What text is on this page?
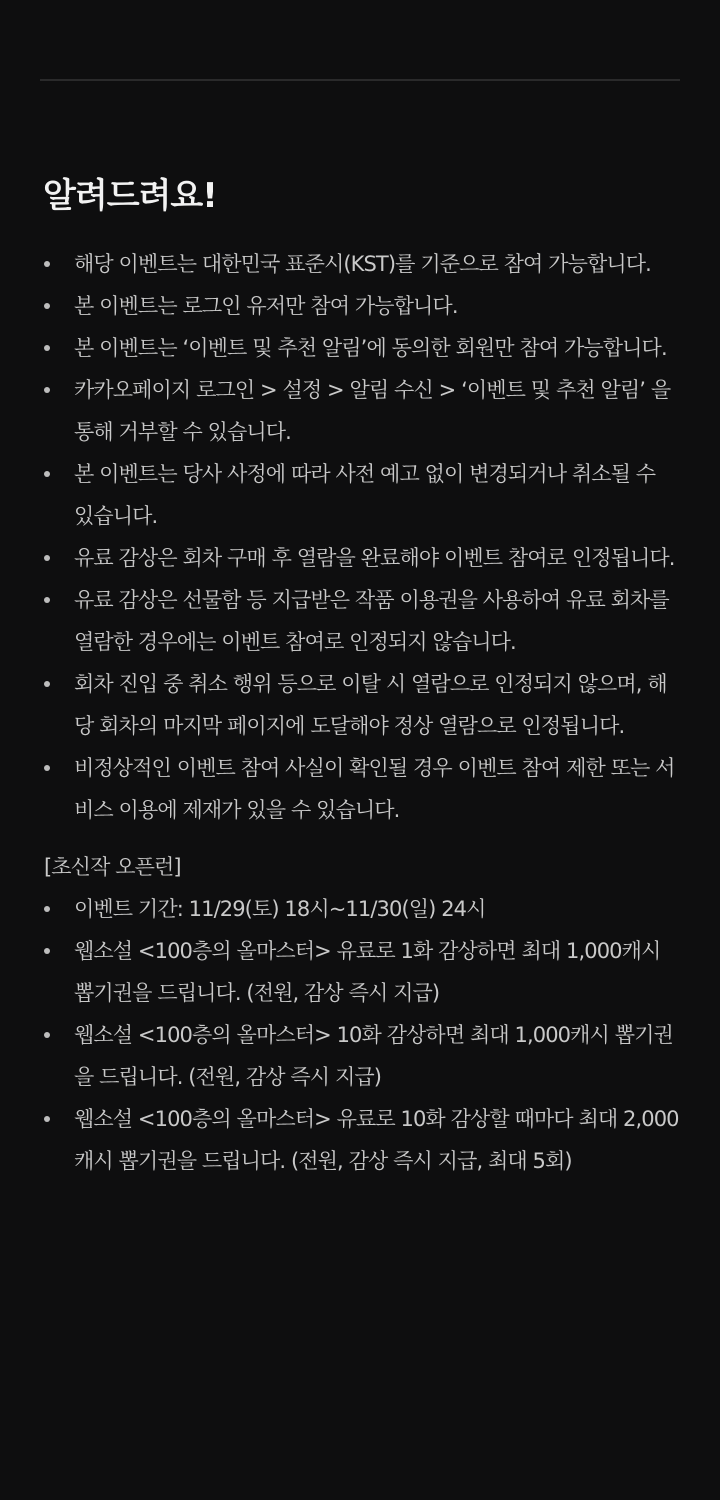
알려드려요!
해당 이벤트는 대한민국 표준시(KST)를 기준으로 참여 가능합니다.
본 이벤트는 로그인 유저만 참여 가능합니다.
본 이벤트는 ‘이벤트 및 추천 알림’에 동의한 회원만 참여 가능합니다.
카카오페이지 로그인 > 설정 > 알림 수신 > ‘이벤트 및 추천 알림’ 을 통해 거부할 수 있습니다.
본 이벤트는 당사 사정에 따라 사전 예고 없이 변경되거나 취소될 수 있습니다.
유료 감상은 회차 구매 후 열람을 완료해야 이벤트 참여로 인정됩니다.
유료 감상은 선물함 등 지급받은 작품 이용권을 사용하여 유료 회차를 열람한 경우에는 이벤트 참여로 인정되지 않습니다.
회차 진입 중 취소 행위 등으로 이탈 시 열람으로 인정되지 않으며, 해당 회차의 마지막 페이지에 도달해야 정상 열람으로 인정됩니다.
비정상적인 이벤트 참여 사실이 확인될 경우 이벤트 참여 제한 또는 서비스 이용에 제재가 있을 수 있습니다.

[초신작 오픈런]

이벤트 기간: 11/29(토) 18시~11/30(일) 24시
웹소설 <100층의 올마스터> 유료로 1화 감상하면 최대 1,000캐시 뽑기권을 드립니다. (전원, 감상 즉시 지급)
웹소설 <100층의 올마스터> 10화 감상하면 최대 1,000캐시 뽑기권을 드립니다. (전원, 감상 즉시 지급)
웹소설 <100층의 올마스터> 유료로 10화 감상할 때마다 최대 2,000캐시 뽑기권을 드립니다. (전원, 감상 즉시 지급, 최대 5회)
